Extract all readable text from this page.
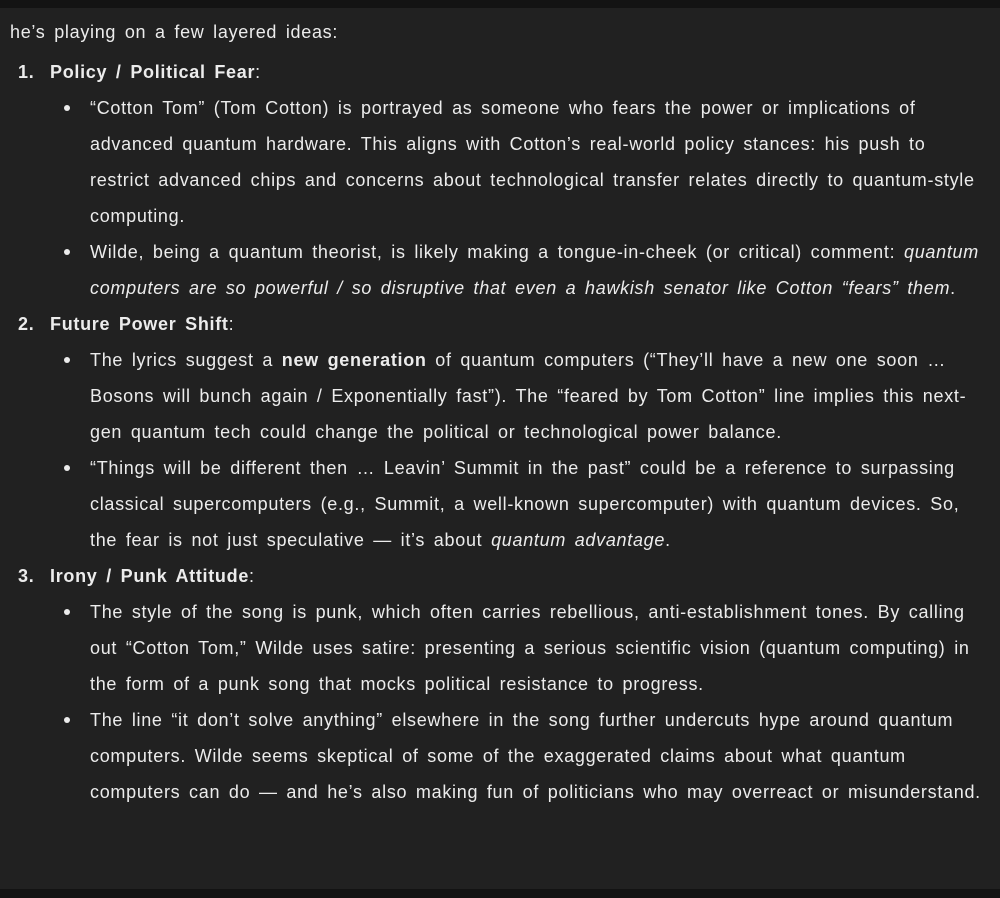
he’s playing on a few layered ideas:

1. Policy / Political Fear :
“Cotton Tom” (Tom Cotton) is portrayed as someone who fears the power or implications of advanced quantum hardware. This aligns with Cotton’s real-world policy stances: his push to restrict advanced chips and concerns about technological transfer relates directly to quantum-style computing.
Wilde, being a quantum theorist, is likely making a tongue-in-cheek (or critical) comment: quantum computers are so powerful / so disruptive that even a hawkish senator like Cotton “fears” them.
2. Future Power Shift :
The lyrics suggest a new generation of quantum computers (“They’ll have a new one soon … Bosons will bunch again / Exponentially fast”). The “feared by Tom Cotton” line implies this next-gen quantum tech could change the political or technological power balance.
“Things will be different then … Leavin’ Summit in the past” could be a reference to surpassing classical supercomputers (e.g., Summit, a well-known supercomputer) with quantum devices. So, the fear is not just speculative — it’s about quantum advantage.
3. Irony / Punk Attitude :
The style of the song is punk, which often carries rebellious, anti-establishment tones. By calling out “Cotton Tom,” Wilde uses satire: presenting a serious scientific vision (quantum computing) in the form of a punk song that mocks political resistance to progress.
The line “it don’t solve anything” elsewhere in the song further undercuts hype around quantum computers. Wilde seems skeptical of some of the exaggerated claims about what quantum computers can do — and he’s also making fun of politicians who may overreact or misunderstand.
